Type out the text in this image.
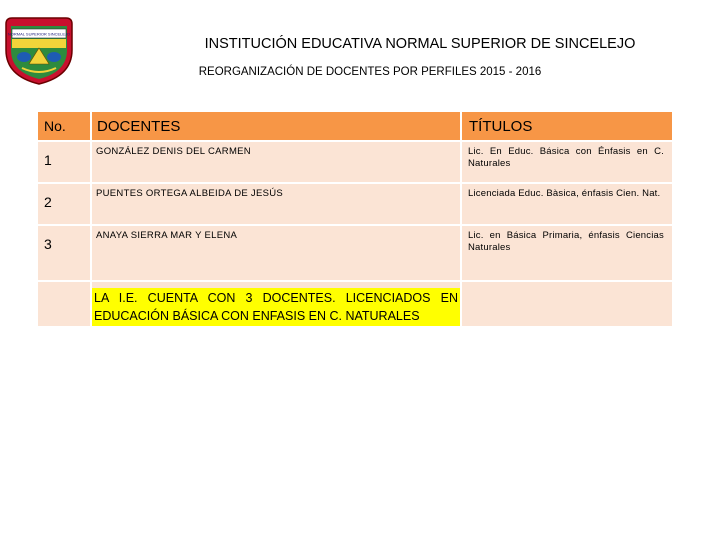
NORMAL SUPERIOR SINCELEJO
INSTITUCIÓN EDUCATIVA NORMAL SUPERIOR DE SINCELEJO
REORGANIZACIÓN DE DOCENTES POR PERFILES 2015 - 2016
No.	DOCENTES	TÍTULOS
1	GONZÁLEZ DENIS DEL CARMEN	Lic. En Educ. Básica con Énfasis en C. Naturales
2	PUENTES ORTEGA ALBEIDA DE JESÚS	Licenciada Educ. Bàsica, énfasis Cien. Nat.
3	ANAYA SIERRA MAR Y ELENA	Lic. en Básica Primaria, énfasis Ciencias Naturales
	LA I.E. CUENTA CON 3 DOCENTES. LICENCIADOS EN EDUCACIÓN BÁSICA CON ENFASIS EN C. NATURALES	
